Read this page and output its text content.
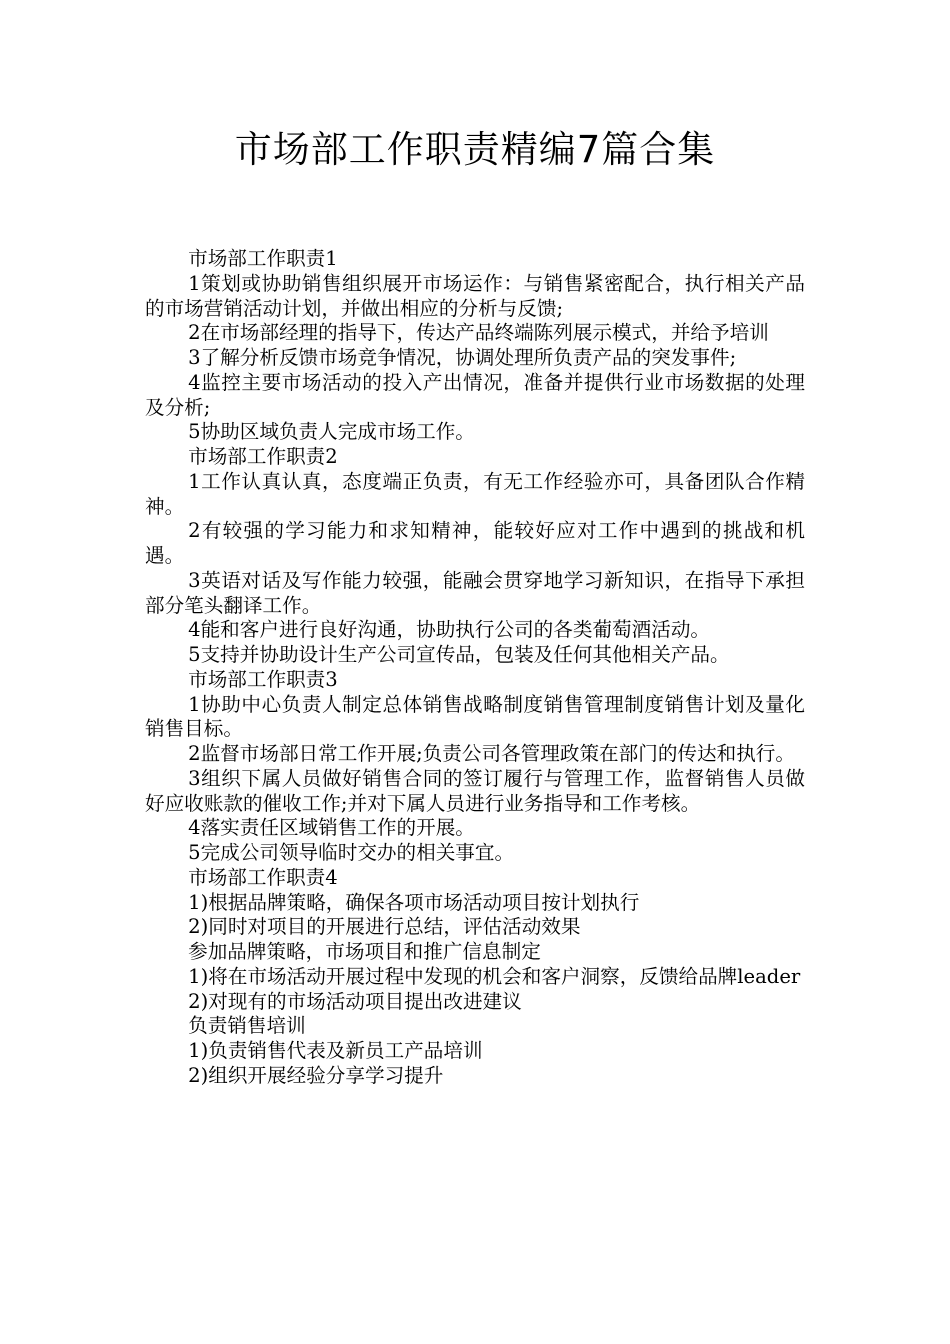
市场部工作职责精编7篇合集

市场部工作职责1

1策划或协助销售组织展开市场运作：与销售紧密配合，执行相关产品的市场营销活动计划，并做出相应的分析与反馈;

2在市场部经理的指导下，传达产品终端陈列展示模式，并给予培训

3了解分析反馈市场竞争情况，协调处理所负责产品的突发事件;

4监控主要市场活动的投入产出情况，准备并提供行业市场数据的处理及分析;

5协助区域负责人完成市场工作。

市场部工作职责2

1工作认真认真，态度端正负责，有无工作经验亦可，具备团队合作精神。

2有较强的学习能力和求知精神，能较好应对工作中遇到的挑战和机遇。

3英语对话及写作能力较强，能融会贯穿地学习新知识，在指导下承担部分笔头翻译工作。

4能和客户进行良好沟通，协助执行公司的各类葡萄酒活动。

5支持并协助设计生产公司宣传品，包装及任何其他相关产品。

市场部工作职责3

1协助中心负责人制定总体销售战略制度销售管理制度销售计划及量化销售目标。

2监督市场部日常工作开展;负责公司各管理政策在部门的传达和执行。

3组织下属人员做好销售合同的签订履行与管理工作，监督销售人员做好应收账款的催收工作;并对下属人员进行业务指导和工作考核。

4落实责任区域销售工作的开展。

5完成公司领导临时交办的相关事宜。

市场部工作职责4

1)根据品牌策略，确保各项市场活动项目按计划执行

2)同时对项目的开展进行总结，评估活动效果

参加品牌策略，市场项目和推广信息制定

1)将在市场活动开展过程中发现的机会和客户洞察，反馈给品牌leader

2)对现有的市场活动项目提出改进建议

负责销售培训

1)负责销售代表及新员工产品培训

2)组织开展经验分享学习提升
